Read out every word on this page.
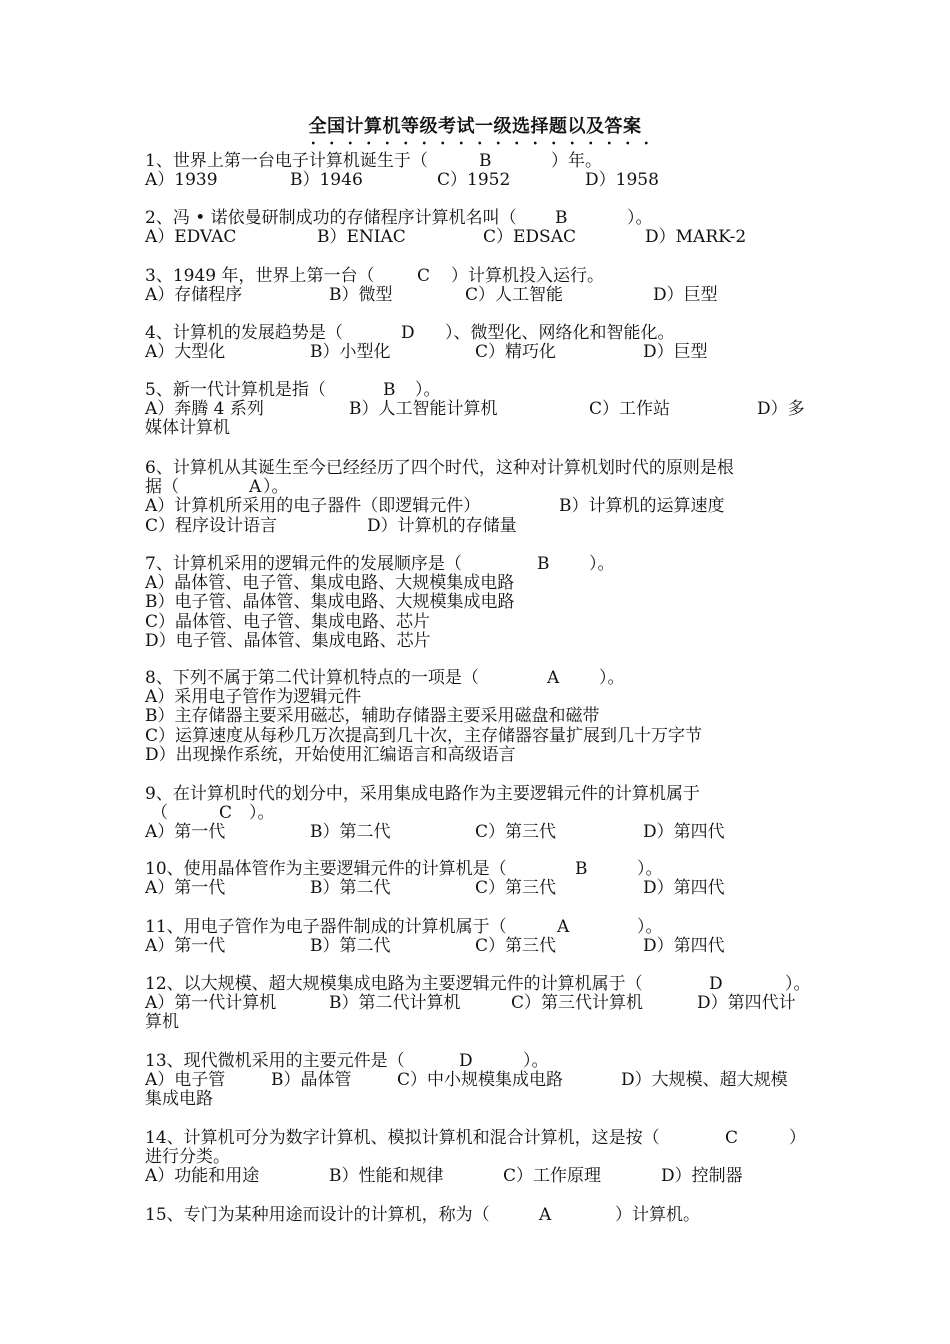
全国计算机等级考试一级选择题以及答案
1、世界上第一台电子计算机诞生于（	B	）年。
A）1939	B）1946	C）1952	D）1958
2、冯 • 诺依曼研制成功的存储程序计算机名叫（ B	）。
A）EDVAC	B）ENIAC	C）EDSAC	D）MARK-2
3、1949 年，世界上第一台（	C ）计算机投入运行。
A）存储程序	B）微型	C）人工智能	D）巨型
4、计算机的发展趋势是（	D ）、微型化、网络化和智能化。
A）大型化	B）小型化	C）精巧化	D）巨型
5、新一代计算机是指（	B ）。
A）奔腾 4 系列	B）人工智能计算机	C）工作站	D）多
媒体计算机
6、计算机从其诞生至今已经经历了四个时代，这种对计算机划时代的原则是根
据（	A ）。
A）计算机所采用的电子器件（即逻辑元件）	B）计算机的运算速度
C）程序设计语言	D）计算机的存储量
7、计算机采用的逻辑元件的发展顺序是（	B ）。
A）晶体管、电子管、集成电路、大规模集成电路
B）电子管、晶体管、集成电路、大规模集成电路
C）晶体管、电子管、集成电路、芯片
D）电子管、晶体管、集成电路、芯片
8、下列不属于第二代计算机特点的一项是（	A ）。
A）采用电子管作为逻辑元件
B）主存储器主要采用磁芯，辅助存储器主要采用磁盘和磁带
C）运算速度从每秒几万次提高到几十次，主存储器容量扩展到几十万字节
D）出现操作系统，开始使用汇编语言和高级语言
9、在计算机时代的划分中，采用集成电路作为主要逻辑元件的计算机属于
（	C ）。
A）第一代	B）第二代	C）第三代	D）第四代
10、使用晶体管作为主要逻辑元件的计算机是（	B	）。
A）第一代	B）第二代	C）第三代	D）第四代
11、用电子管作为电子器件制成的计算机属于（	A	）。
A）第一代	B）第二代	C）第三代	D）第四代
12、以大规模、超大规模集成电路为主要逻辑元件的计算机属于（	D	）。
A）第一代计算机	B）第二代计算机	C）第三代计算机	D）第四代计
算机
13、现代微机采用的主要元件是（	D	）。
A）电子管	B）晶体管	C）中小规模集成电路	D）大规模、超大规模
集成电路
14、计算机可分为数字计算机、模拟计算机和混合计算机，这是按（	C	）
进行分类。
A）功能和用途	B）性能和规律	C）工作原理	D）控制器
15、专门为某种用途而设计的计算机，称为（	A	）计算机。
